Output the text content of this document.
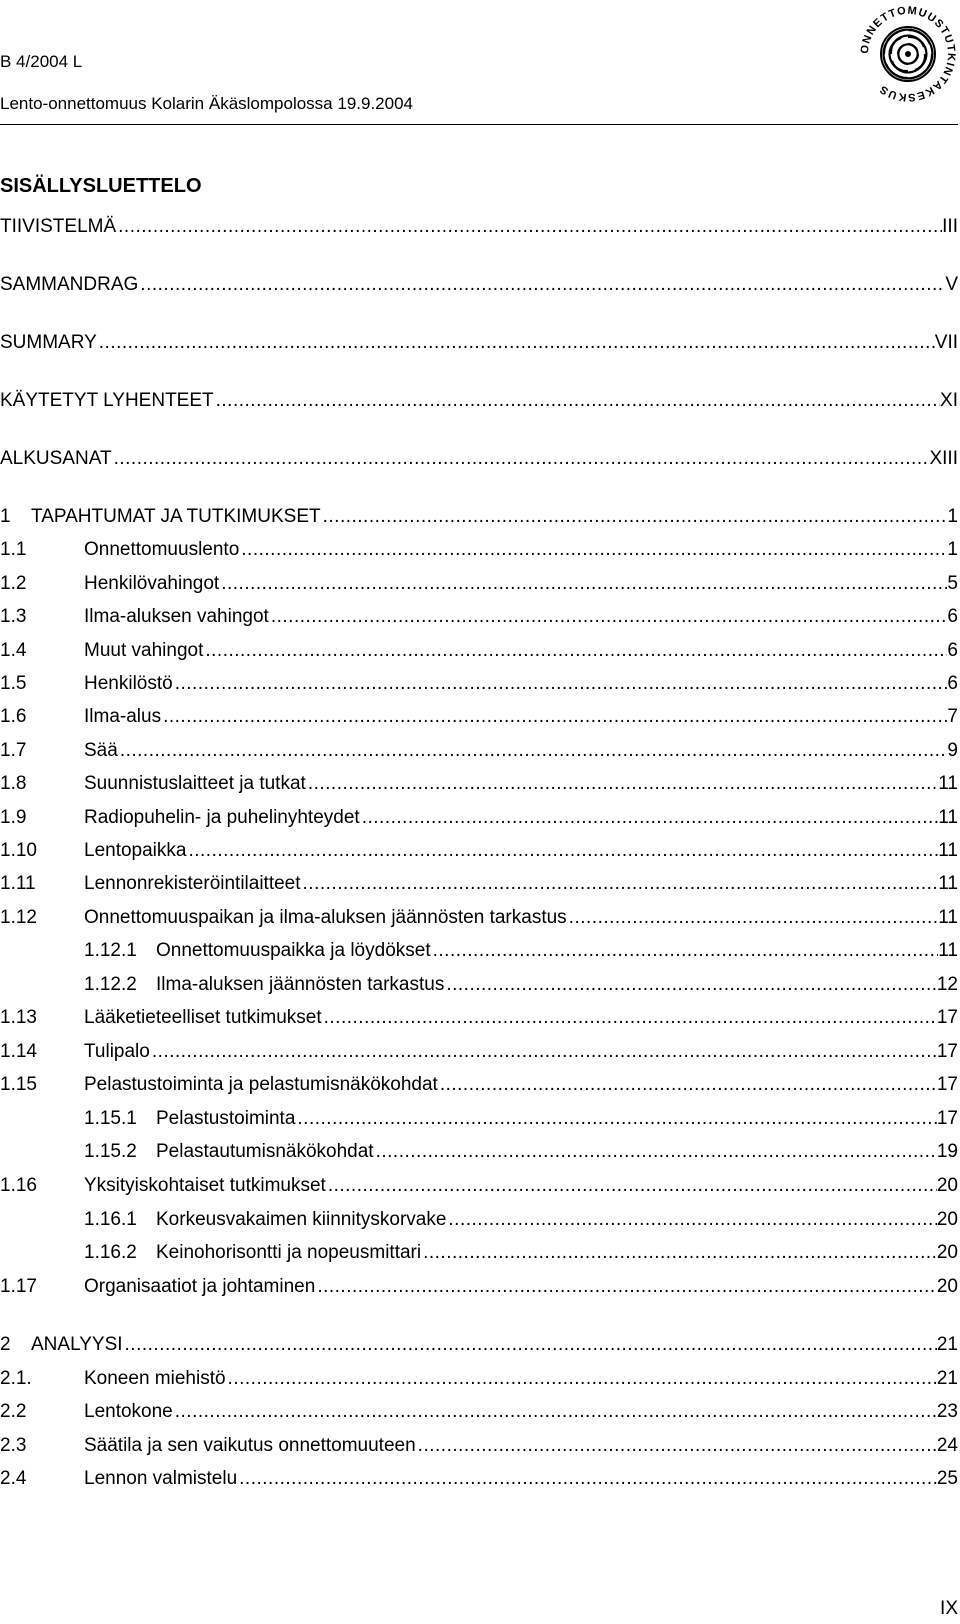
B 4/2004 L
Lento-onnettomuus Kolarin Äkäslompolossa 19.9.2004
ONNETTOMUUSTUTKINTAKESKUS
SISÄLLYSLUETTELO
TIIVISTELMÄ .....	III
SAMMANDRAG .....	V
SUMMARY .....	VII
KÄYTETYT LYHENTEET .....	XI
ALKUSANAT .....	XIII
1	TAPAHTUMAT JA TUTKIMUKSET .....	1
1.1	Onnettomuuslento .....	1
1.2	Henkilövahingot .....	5
1.3	Ilma-aluksen vahingot .....	6
1.4	Muut vahingot .....	6
1.5	Henkilöstö .....	6
1.6	Ilma-alus .....	7
1.7	Sää .....	9
1.8	Suunnistuslaitteet ja tutkat .....	11
1.9	Radiopuhelin- ja puhelinyhteydet .....	11
1.10	Lentopaikka .....	11
1.11	Lennonrekisteröintilaitteet .....	11
1.12	Onnettomuuspaikan ja ilma-aluksen jäännösten tarkastus .....	11
1.12.1	Onnettomuuspaikka ja löydökset .....	11
1.12.2	Ilma-aluksen jäännösten tarkastus .....	12
1.13	Lääketieteelliset tutkimukset .....	17
1.14	Tulipalo .....	17
1.15	Pelastustoiminta ja pelastumisnäkökohdat .....	17
1.15.1	Pelastustoiminta .....	17
1.15.2	Pelastautumisnäkökohdat .....	19
1.16	Yksityiskohtaiset tutkimukset .....	20
1.16.1	Korkeusvakaimen kiinnityskorvake .....	20
1.16.2	Keinohorisontti ja nopeusmittari .....	20
1.17	Organisaatiot ja johtaminen .....	20
2	ANALYYSI .....	21
2.1.	Koneen miehistö .....	21
2.2	Lentokone .....	23
2.3	Säätila ja sen vaikutus onnettomuuteen .....	24
2.4	Lennon valmistelu .....	25
IX
